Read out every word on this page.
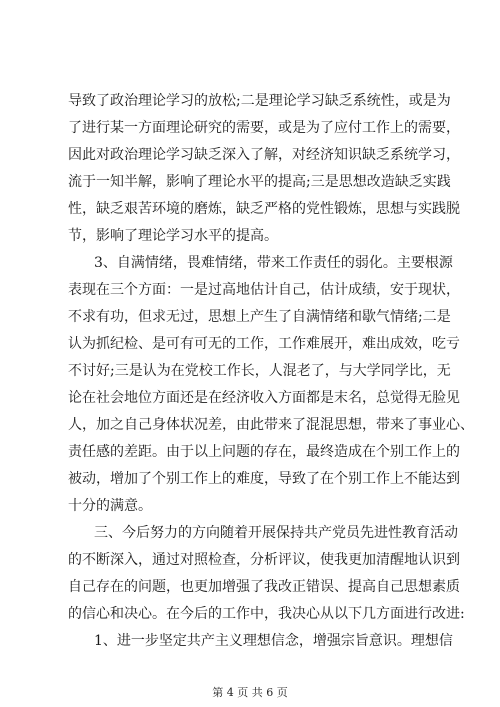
导致了政治理论学习的放松;二是理论学习缺乏系统性，或是为
了进行某一方面理论研究的需要，或是为了应付工作上的需要，
因此对政治理论学习缺乏深入了解，对经济知识缺乏系统学习，
流于一知半解，影响了理论水平的提高;三是思想改造缺乏实践
性，缺乏艰苦环境的磨炼，缺乏严格的党性锻炼，思想与实践脱
节，影响了理论学习水平的提高。
3、自满情绪，畏难情绪，带来工作责任的弱化。主要根源
表现在三个方面：一是过高地估计自己，估计成绩，安于现状，
不求有功，但求无过，思想上产生了自满情绪和歇气情绪;二是
认为抓纪检、是可有可无的工作，工作难展开，难出成效，吃亏
不讨好;三是认为在党校工作长，人混老了，与大学同学比，无
论在社会地位方面还是在经济收入方面都是末名，总觉得无脸见
人，加之自己身体状况差，由此带来了混混思想，带来了事业心、
责任感的差距。由于以上问题的存在，最终造成在个别工作上的
被动，增加了个别工作上的难度，导致了在个别工作上不能达到
十分的满意。
三、今后努力的方向随着开展保持共产党员先进性教育活动
的不断深入，通过对照检查，分析评议，使我更加清醒地认识到
自己存在的问题，也更加增强了我改正错误、提高自己思想素质
的信心和决心。在今后的工作中，我决心从以下几方面进行改进:
1、进一步坚定共产主义理想信念，增强宗旨意识。理想信
第 4 页 共 6 页
